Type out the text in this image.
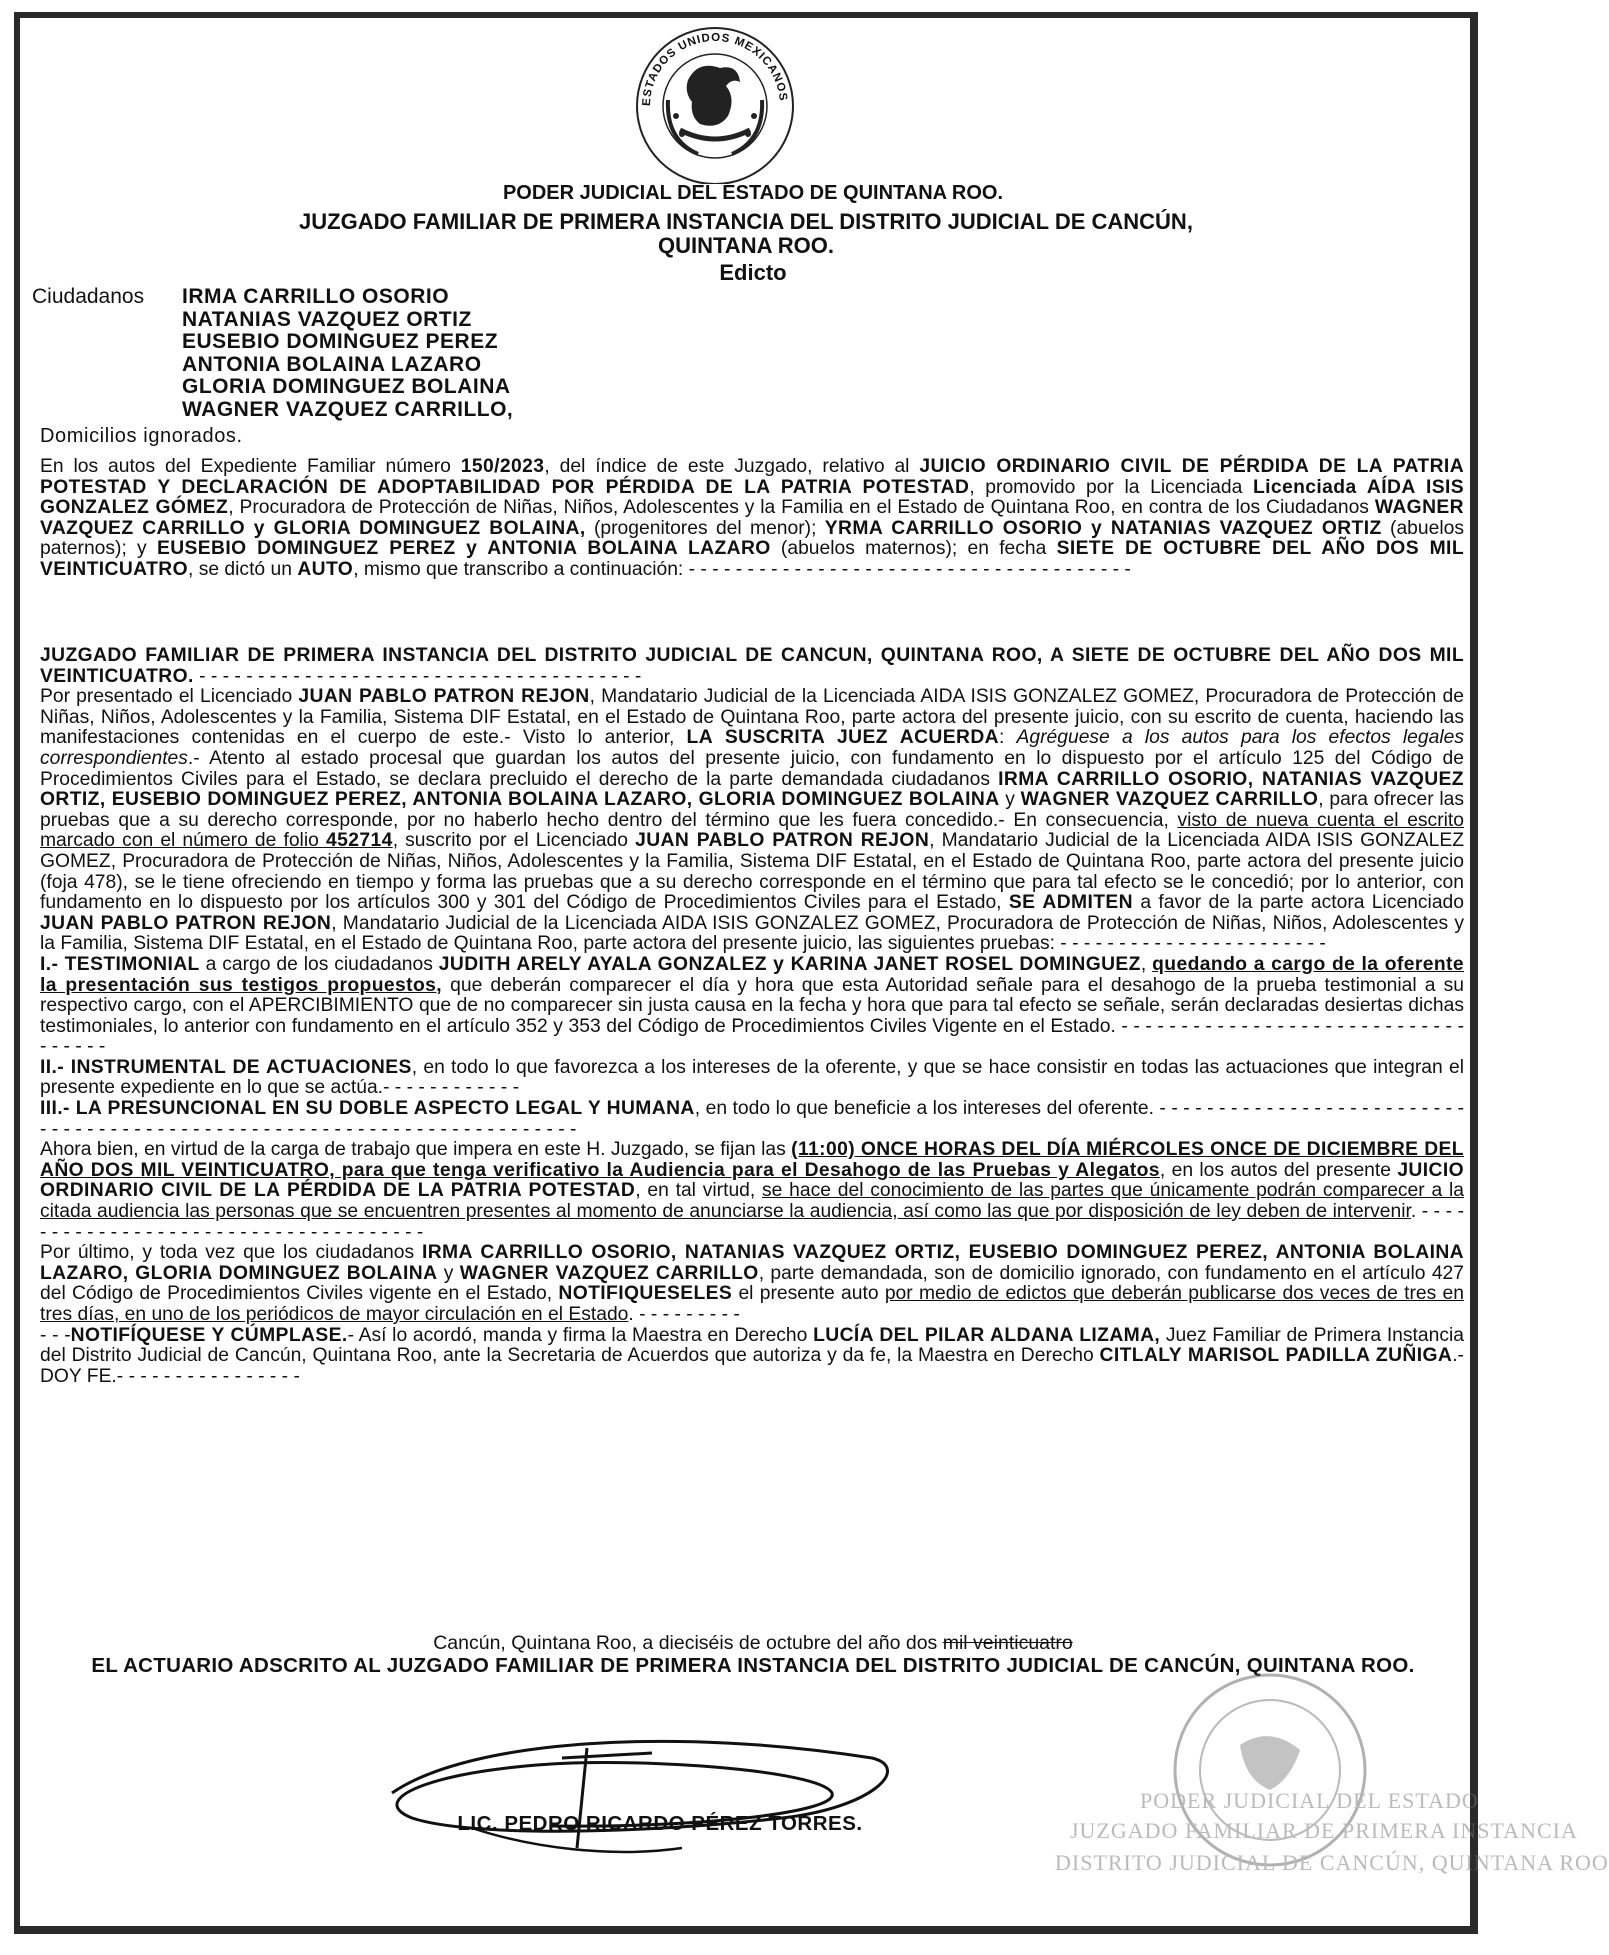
ESTADOS UNIDOS MEXICANOS
PODER JUDICIAL DEL ESTADO DE QUINTANA ROO.
JUZGADO FAMILIAR DE PRIMERA INSTANCIA DEL DISTRITO JUDICIAL DE CANCÚN, QUINTANA ROO.
Edicto
Ciudadanos IRMA CARRILLO OSORIO
NATANIAS VAZQUEZ ORTIZ
EUSEBIO DOMINGUEZ PEREZ
ANTONIA BOLAINA LAZARO
GLORIA DOMINGUEZ BOLAINA
WAGNER VAZQUEZ CARRILLO,
Domicilios ignorados.

En los autos del Expediente Familiar número 150/2023, del índice de este Juzgado, relativo al JUICIO ORDINARIO CIVIL DE PÉRDIDA DE LA PATRIA POTESTAD Y DECLARACIÓN DE ADOPTABILIDAD POR PÉRDIDA DE LA PATRIA POTESTAD, promovido por la Licenciada Licenciada AÍDA ISIS GONZALEZ GÓMEZ, Procuradora de Protección de Niñas, Niños, Adolescentes y la Familia en el Estado de Quintana Roo, en contra de los Ciudadanos WAGNER VAZQUEZ CARRILLO y GLORIA DOMINGUEZ BOLAINA, (progenitores del menor); YRMA CARRILLO OSORIO y NATANIAS VAZQUEZ ORTIZ (abuelos paternos); y EUSEBIO DOMINGUEZ PEREZ y ANTONIA BOLAINA LAZARO (abuelos maternos); en fecha SIETE DE OCTUBRE DEL AÑO DOS MIL VEINTICUATRO, se dictó un AUTO, mismo que transcribo a continuación: - - - - - - - - - - - - - - - - - - - - - - - - - - - - - - - - - - - - - -

JUZGADO FAMILIAR DE PRIMERA INSTANCIA DEL DISTRITO JUDICIAL DE CANCUN, QUINTANA ROO, A SIETE DE OCTUBRE DEL AÑO DOS MIL VEINTICUATRO. - - - - - - - - - - - - - - - - - - - - - - - - - - - - - - - - - - - - - -

Por presentado el Licenciado JUAN PABLO PATRON REJON, Mandatario Judicial de la Licenciada AIDA ISIS GONZALEZ GOMEZ, Procuradora de Protección de Niñas, Niños, Adolescentes y la Familia, Sistema DIF Estatal, en el Estado de Quintana Roo, parte actora del presente juicio, con su escrito de cuenta, haciendo las manifestaciones contenidas en el cuerpo de este.- Visto lo anterior, LA SUSCRITA JUEZ ACUERDA: Agréguese a los autos para los efectos legales correspondientes.- Atento al estado procesal que guardan los autos del presente juicio, con fundamento en lo dispuesto por el artículo 125 del Código de Procedimientos Civiles para el Estado, se declara precluido el derecho de la parte demandada ciudadanos IRMA CARRILLO OSORIO, NATANIAS VAZQUEZ ORTIZ, EUSEBIO DOMINGUEZ PEREZ, ANTONIA BOLAINA LAZARO, GLORIA DOMINGUEZ BOLAINA y WAGNER VAZQUEZ CARRILLO, para ofrecer las pruebas que a su derecho corresponde, por no haberlo hecho dentro del término que les fuera concedido.- En consecuencia, visto de nueva cuenta el escrito marcado con el número de folio 452714, suscrito por el Licenciado JUAN PABLO PATRON REJON, Mandatario Judicial de la Licenciada AIDA ISIS GONZALEZ GOMEZ, Procuradora de Protección de Niñas, Niños, Adolescentes y la Familia, Sistema DIF Estatal, en el Estado de Quintana Roo, parte actora del presente juicio (foja 478), se le tiene ofreciendo en tiempo y forma las pruebas que a su derecho corresponde en el término que para tal efecto se le concedió; por lo anterior, con fundamento en lo dispuesto por los artículos 300 y 301 del Código de Procedimientos Civiles para el Estado, SE ADMITEN a favor de la parte actora Licenciado JUAN PABLO PATRON REJON, Mandatario Judicial de la Licenciada AIDA ISIS GONZALEZ GOMEZ, Procuradora de Protección de Niñas, Niños, Adolescentes y la Familia, Sistema DIF Estatal, en el Estado de Quintana Roo, parte actora del presente juicio, las siguientes pruebas: - - - - - - - - - - - - - - - - - - - - - - -

I.- TESTIMONIAL a cargo de los ciudadanos JUDITH ARELY AYALA GONZALEZ y KARINA JANET ROSEL DOMINGUEZ, quedando a cargo de la oferente la presentación sus testigos propuestos, que deberán comparecer el día y hora que esta Autoridad señale para el desahogo de la prueba testimonial a su respectivo cargo, con el APERCIBIMIENTO que de no comparecer sin justa causa en la fecha y hora que para tal efecto se señale, serán declaradas desiertas dichas testimoniales, lo anterior con fundamento en el artículo 352 y 353 del Código de Procedimientos Civiles Vigente en el Estado. - - - - - - - - - - - - - - - - - - - - - - - - - - - - - - - - - - -

II.- INSTRUMENTAL DE ACTUACIONES, en todo lo que favorezca a los intereses de la oferente, y que se hace consistir en todas las actuaciones que integran el presente expediente en lo que se actúa.- - - - - - - - - - - -

III.- LA PRESUNCIONAL EN SU DOBLE ASPECTO LEGAL Y HUMANA, en todo lo que beneficie a los intereses del oferente. - - - - - - - - - - - - - - - - - - - - - - - - - - - - - - - - - - - - - - - - - - - - - - - - - - - - - - - - - - - - - - - - - - - - - - - -

Ahora bien, en virtud de la carga de trabajo que impera en este H. Juzgado, se fijan las (11:00) ONCE HORAS DEL DÍA MIÉRCOLES ONCE DE DICIEMBRE DEL AÑO DOS MIL VEINTICUATRO, para que tenga verificativo la Audiencia para el Desahogo de las Pruebas y Alegatos, en los autos del presente JUICIO ORDINARIO CIVIL DE LA PÉRDIDA DE LA PATRIA POTESTAD, en tal virtud, se hace del conocimiento de las partes que únicamente podrán comparecer a la citada audiencia las personas que se encuentren presentes al momento de anunciarse la audiencia, así como las que por disposición de ley deben de intervenir. - - - - - - - - - - - - - - - - - - - - - - - - - - - - - - - - - - - - -

Por último, y toda vez que los ciudadanos IRMA CARRILLO OSORIO, NATANIAS VAZQUEZ ORTIZ, EUSEBIO DOMINGUEZ PEREZ, ANTONIA BOLAINA LAZARO, GLORIA DOMINGUEZ BOLAINA y WAGNER VAZQUEZ CARRILLO, parte demandada, son de domicilio ignorado, con fundamento en el artículo 427 del Código de Procedimientos Civiles vigente en el Estado, NOTIFIQUESELES el presente auto por medio de edictos que deberán publicarse dos veces de tres en tres días, en uno de los periódicos de mayor circulación en el Estado. - - - - - - - - -

- - -NOTIFÍQUESE Y CÚMPLASE.- Así lo acordó, manda y firma la Maestra en Derecho LUCÍA DEL PILAR ALDANA LIZAMA, Juez Familiar de Primera Instancia del Distrito Judicial de Cancún, Quintana Roo, ante la Secretaria de Acuerdos que autoriza y da fe, la Maestra en Derecho CITLALY MARISOL PADILLA ZUÑIGA.- DOY FE.- - - - - - - - - - - - - - - -

Cancún, Quintana Roo, a dieciséis de octubre del año dos mil veinticuatro
EL ACTUARIO ADSCRITO AL JUZGADO FAMILIAR DE PRIMERA INSTANCIA DEL DISTRITO JUDICIAL DE CANCÚN, QUINTANA ROO.
PODER JUDICIAL DEL ESTADO
JUZGADO FAMILIAR DE PRIMERA INSTANCIA
DISTRITO JUDICIAL DE CANCÚN, QUINTANA ROO
LIC. PEDRO RICARDO PÉREZ TORRES.
